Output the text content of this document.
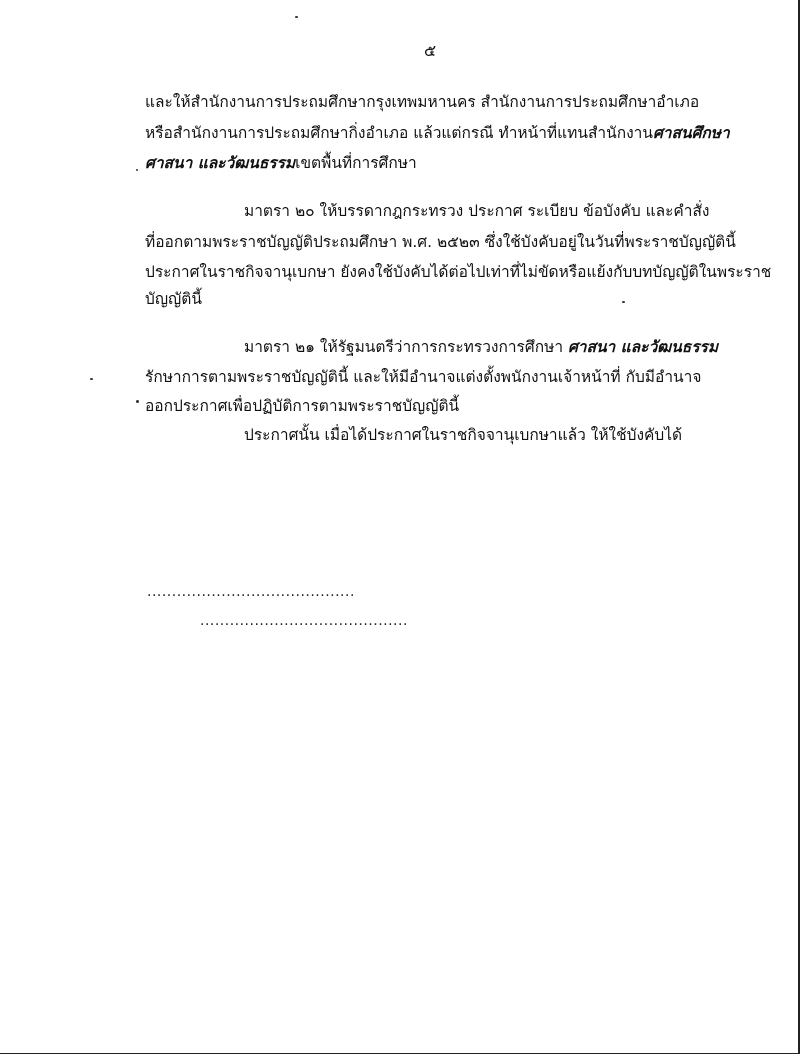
๕
และให้สำนักงานการประถมศึกษากรุงเทพมหานคร สำนักงานการประถมศึกษาอำเภอ
หรือสำนักงานการประถมศึกษากิ่งอำเภอ แล้วแต่กรณี ทำหน้าที่แทนสำนักงานศาสนศึกษา
ศาสนา และวัฒนธรรมเขตพื้นที่การศึกษา
มาตรา ๒๐ ให้บรรดากฎกระทรวง ประกาศ ระเบียบ ข้อบังคับ และคำสั่ง
ที่ออกตามพระราชบัญญัติประถมศึกษา พ.ศ. ๒๕๒๓ ซึ่งใช้บังคับอยู่ในวันที่พระราชบัญญัตินี้
ประกาศในราชกิจจานุเบกษา ยังคงใช้บังคับได้ต่อไปเท่าที่ไม่ขัดหรือแย้งกับบทบัญญัติในพระราช
บัญญัตินี้
มาตรา ๒๑ ให้รัฐมนตรีว่าการกระทรวงการศึกษา ศาสนา และวัฒนธรรม
รักษาการตามพระราชบัญญัตินี้ และให้มีอำนาจแต่งตั้งพนักงานเจ้าหน้าที่ กับมีอำนาจ
ออกประกาศเพื่อปฏิบัติการตามพระราชบัญญัตินี้
ประกาศนั้น เมื่อได้ประกาศในราชกิจจานุเบกษาแล้ว ให้ใช้บังคับได้
..........................................
..........................................
